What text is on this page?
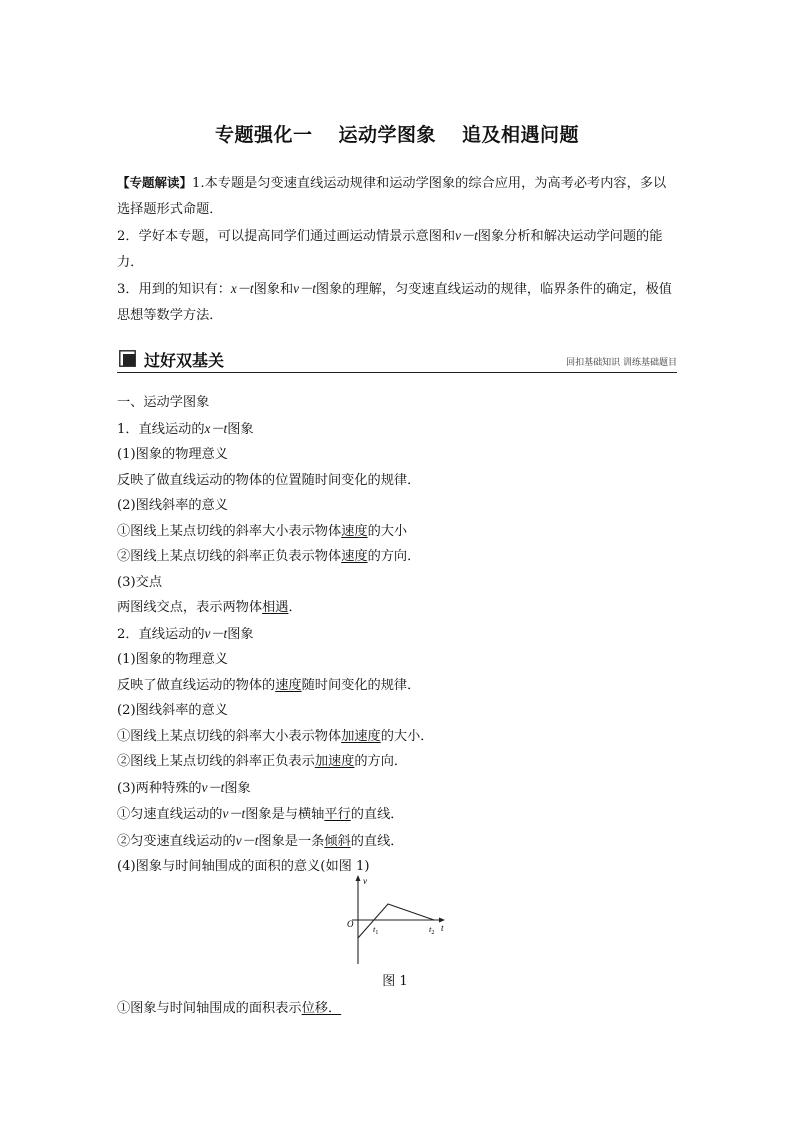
专题强化一 运动学图象 追及相遇问题

【专题解读】1.本专题是匀变速直线运动规律和运动学图象的综合应用，为高考必考内容，多以选择题形式命题．

2．学好本专题，可以提高同学们通过画运动情景示意图和v－t图象分析和解决运动学问题的能力．

3．用到的知识有：x－t图象和v－t图象的理解，匀变速直线运动的规律，临界条件的确定，极值思想等数学方法．

过好双基关	回扣基础知识 训练基础题目

一、运动学图象

1．直线运动的x－t图象

(1)图象的物理意义

反映了做直线运动的物体的位置随时间变化的规律．

(2)图线斜率的意义

①图线上某点切线的斜率大小表示物体速度的大小

②图线上某点切线的斜率正负表示物体速度的方向．

(3)交点

两图线交点，表示两物体相遇．

2．直线运动的v－t图象

(1)图象的物理意义

反映了做直线运动的物体的速度随时间变化的规律．

(2)图线斜率的意义

①图线上某点切线的斜率大小表示物体加速度的大小．

②图线上某点切线的斜率正负表示加速度的方向．

(3)两种特殊的v－t图象

①匀速直线运动的v－t图象是与横轴平行的直线．

②匀变速直线运动的v－t图象是一条倾斜的直线．

(4)图象与时间轴围成的面积的意义(如图 1)

v
t
O $t_1$	$t_2$
图 1
①图象与时间轴围成的面积表示位移．
